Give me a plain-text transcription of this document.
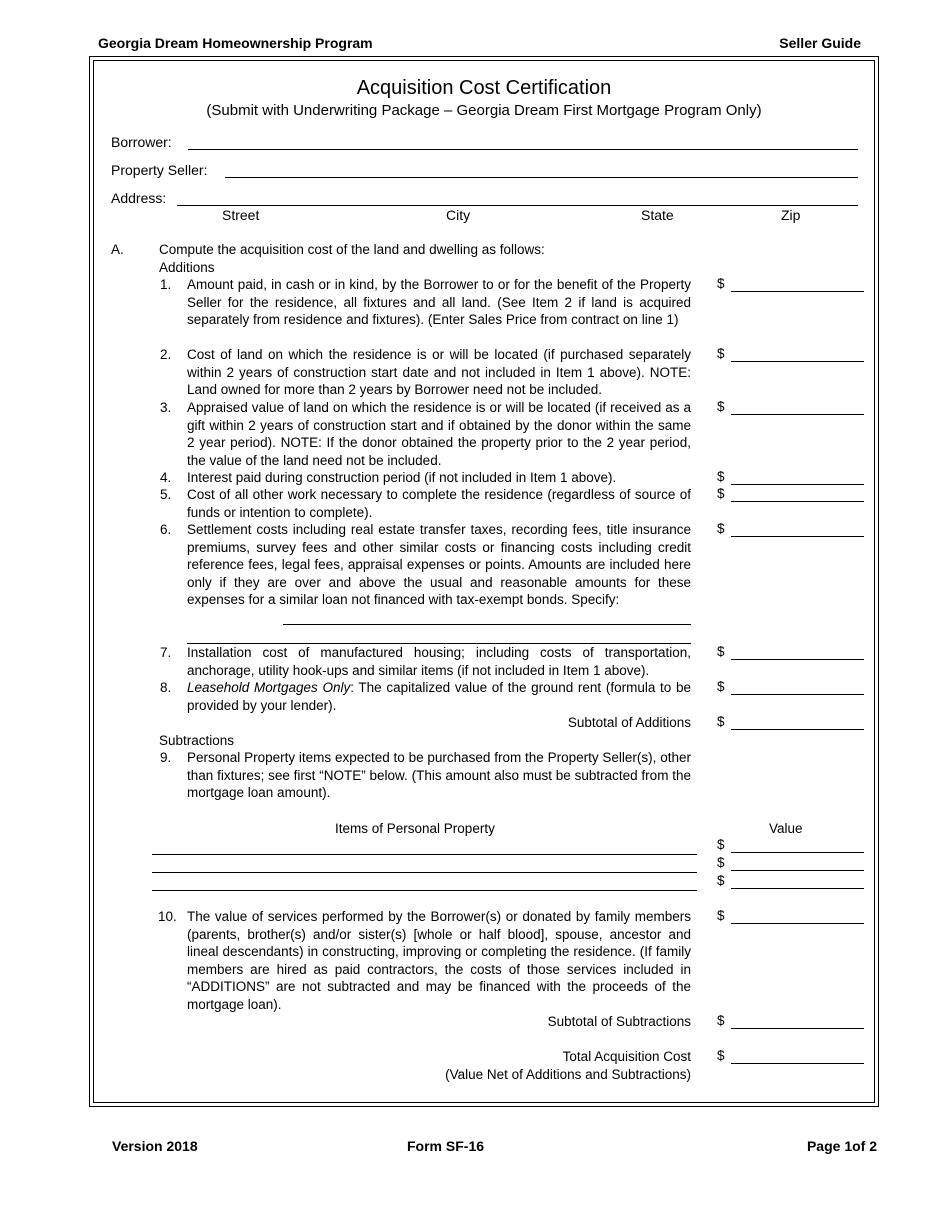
Georgia Dream Homeownership Program	Seller Guide
Acquisition Cost Certification
(Submit with Underwriting Package – Georgia Dream First Mortgage Program Only)
Borrower:
Property Seller:
Address:
Street	City	State	Zip
A.	Compute the acquisition cost of the land and dwelling as follows:
Additions
1. Amount paid, in cash or in kind, by the Borrower to or for the benefit of the Property Seller for the residence, all fixtures and all land. (See Item 2 if land is acquired separately from residence and fixtures). (Enter Sales Price from contract on line 1)
$
2. Cost of land on which the residence is or will be located (if purchased separately within 2 years of construction start date and not included in Item 1 above). NOTE: Land owned for more than 2 years by Borrower need not be included.
$
3. Appraised value of land on which the residence is or will be located (if received as a gift within 2 years of construction start and if obtained by the donor within the same 2 year period). NOTE: If the donor obtained the property prior to the 2 year period, the value of the land need not be included.
$
4. Interest paid during construction period (if not included in Item 1 above).	$
5. Cost of all other work necessary to complete the residence (regardless of source of funds or intention to complete).
$
6. Settlement costs including real estate transfer taxes, recording fees, title insurance premiums, survey fees and other similar costs or financing costs including credit reference fees, legal fees, appraisal expenses or points. Amounts are included here only if they are over and above the usual and reasonable amounts for these expenses for a similar loan not financed with tax-exempt bonds. Specify:
$
7. Installation cost of manufactured housing; including costs of transportation, anchorage, utility hook-ups and similar items (if not included in Item 1 above).
$
8. Leasehold Mortgages Only: The capitalized value of the ground rent (formula to be provided by your lender).
$
Subtotal of Additions $
Subtractions
9. Personal Property items expected to be purchased from the Property Seller(s), other than fixtures; see first “NOTE” below. (This amount also must be subtracted from the mortgage loan amount).
Items of Personal Property	Value
$
$
$
10. The value of services performed by the Borrower(s) or donated by family members (parents, brother(s) and/or sister(s) [whole or half blood], spouse, ancestor and lineal descendants) in constructing, improving or completing the residence. (If family members are hired as paid contractors, the costs of those services included in “ADDITIONS” are not subtracted and may be financed with the proceeds of the mortgage loan).
$
Subtotal of Subtractions $
Total Acquisition Cost
(Value Net of Additions and Subtractions)
$
Version 2018	Form SF-16	Page 1of 2
